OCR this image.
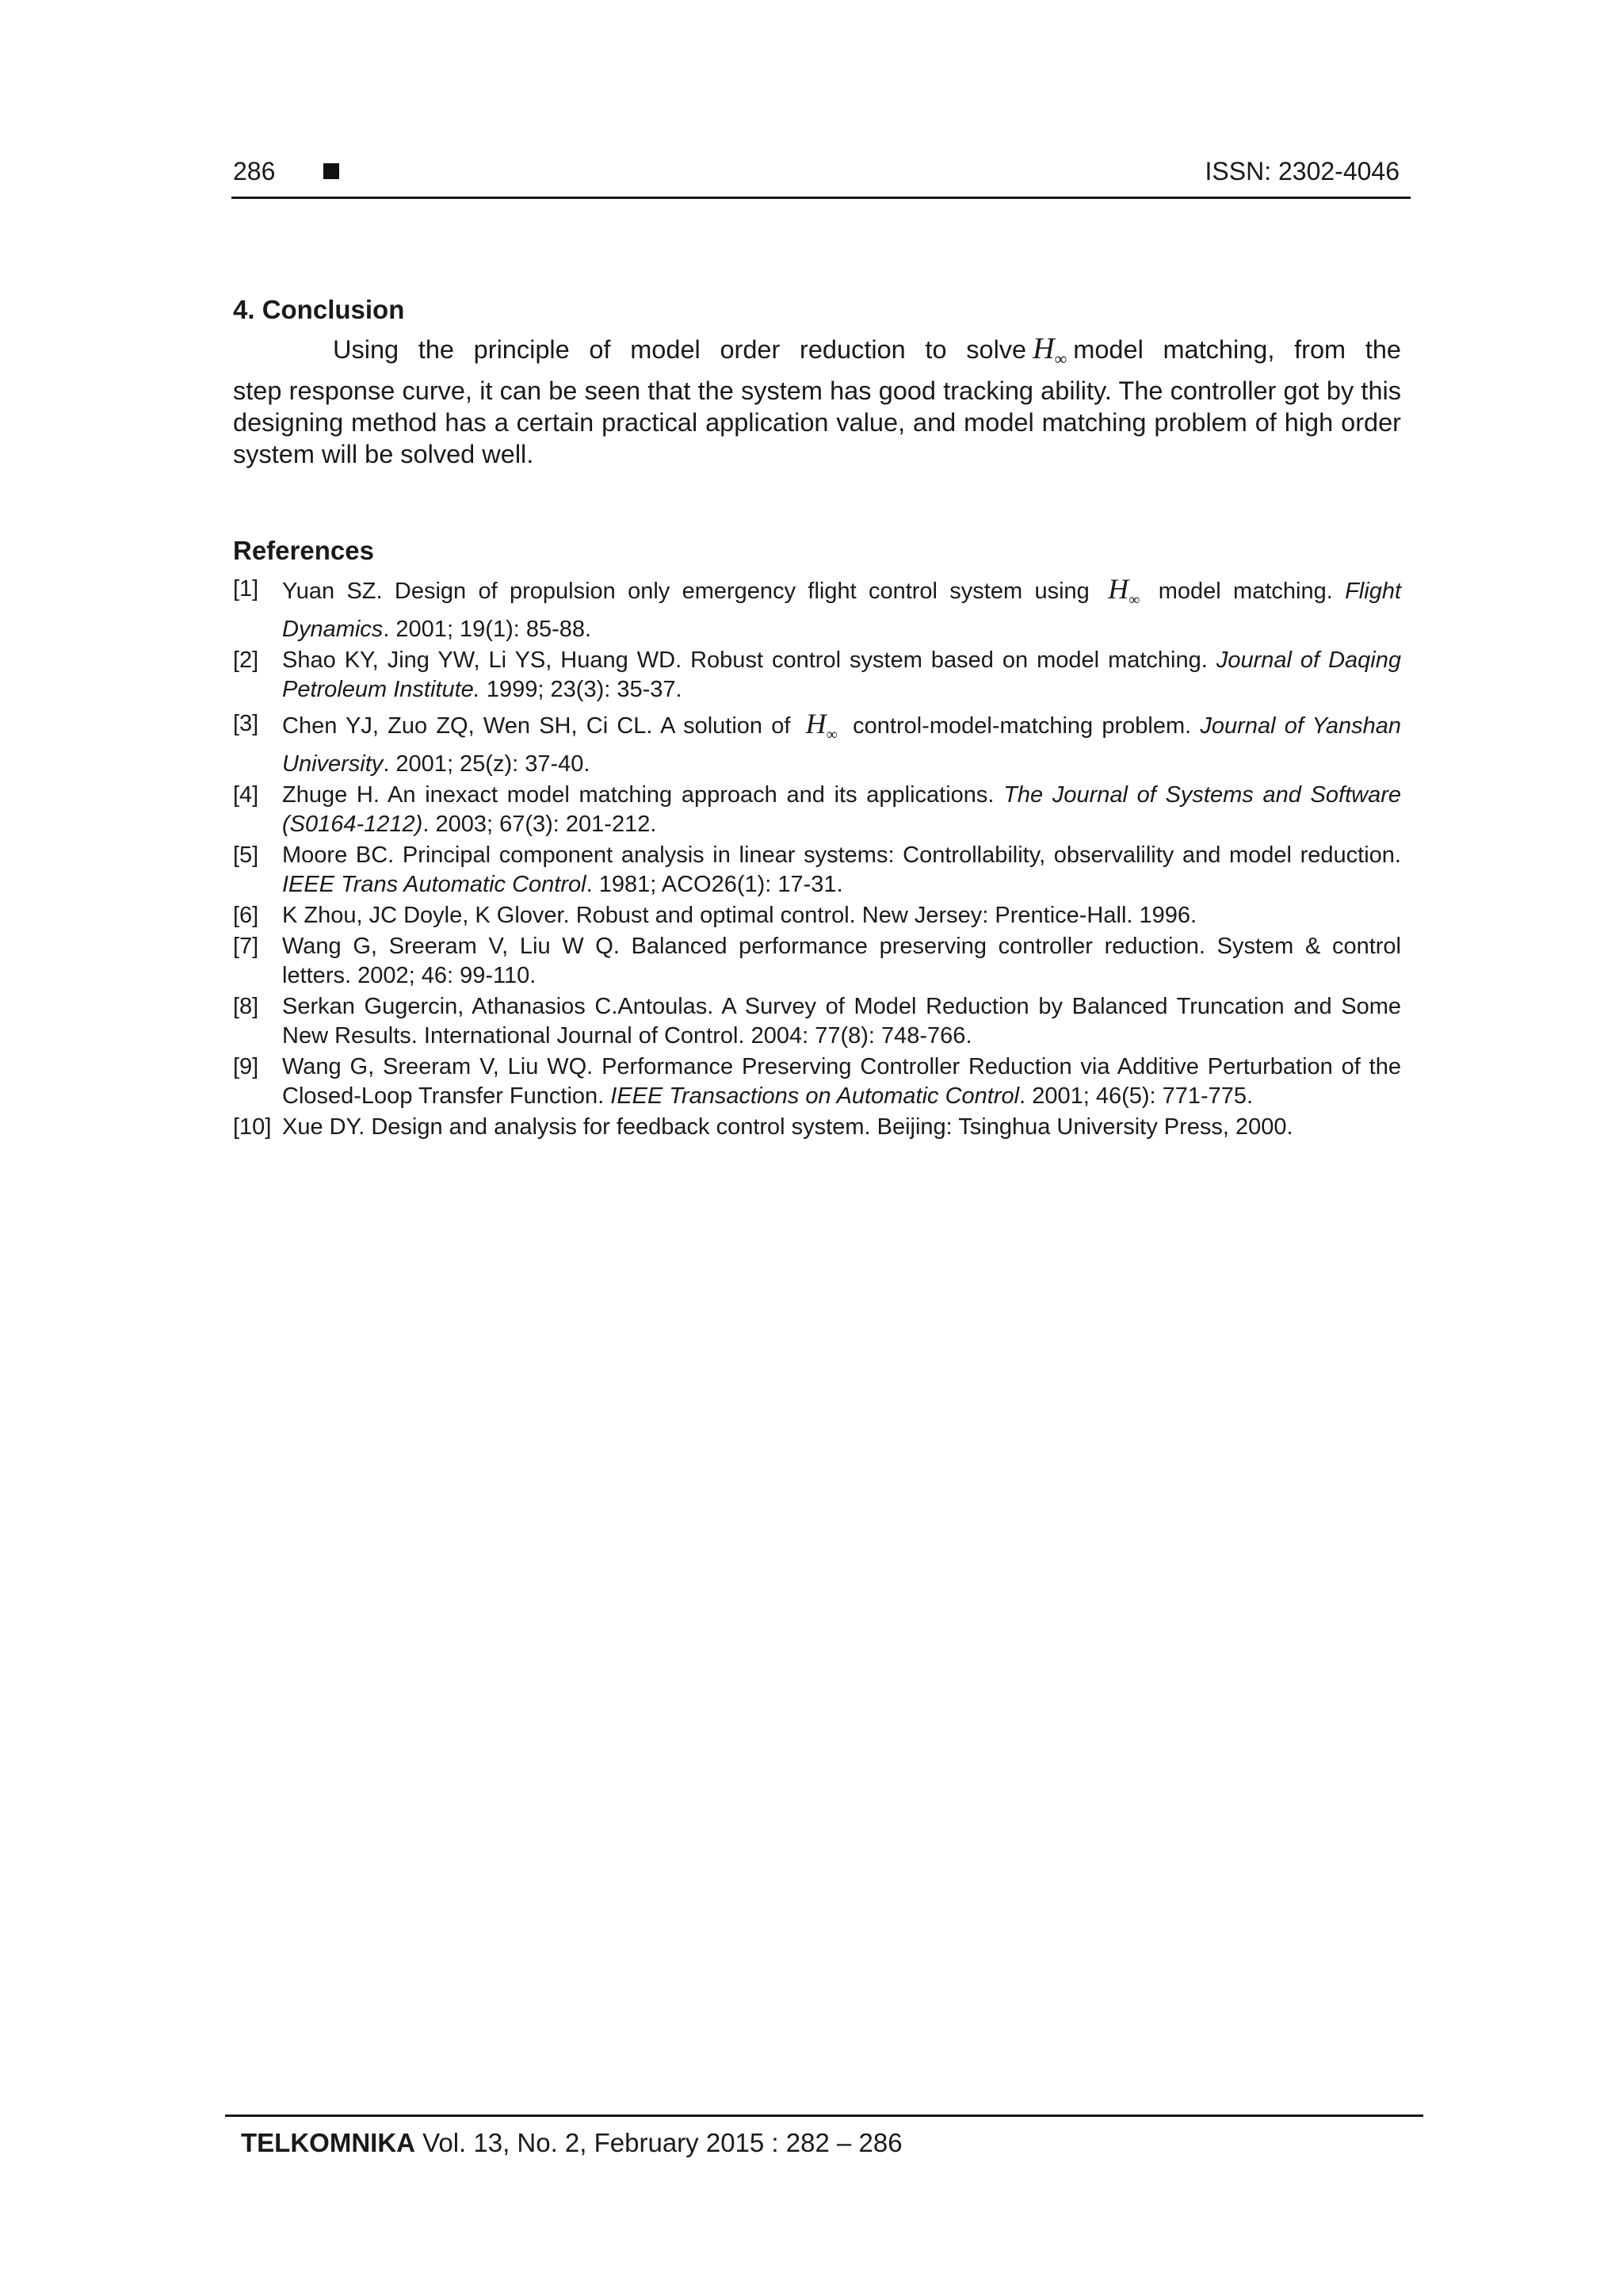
286	ISSN: 2302-4046
4. Conclusion
Using the principle of model order reduction to solve $H_\infty$ model matching, from the
step response curve, it can be seen that the system has good tracking ability. The controller got by this designing method has a certain practical application value, and model matching problem of high order system will be solved well.
References
[1] Yuan SZ. Design of propulsion only emergency flight control system using $H_\infty$ model matching. Flight Dynamics. 2001; 19(1): 85-88.
[2] Shao KY, Jing YW, Li YS, Huang WD. Robust control system based on model matching. Journal of Daqing Petroleum Institute. 1999; 23(3): 35-37.
[3] Chen YJ, Zuo ZQ, Wen SH, Ci CL. A solution of $H_\infty$ control-model-matching problem. Journal of Yanshan University. 2001; 25(z): 37-40.
[4] Zhuge H. An inexact model matching approach and its applications. The Journal of Systems and Software (S0164-1212). 2003; 67(3): 201-212.
[5] Moore BC. Principal component analysis in linear systems: Controllability, observalility and model reduction. IEEE Trans Automatic Control. 1981; ACO26(1): 17-31.
[6] K Zhou, JC Doyle, K Glover. Robust and optimal control. New Jersey: Prentice-Hall. 1996.
[7] Wang G, Sreeram V, Liu W Q. Balanced performance preserving controller reduction. System & control letters. 2002; 46: 99-110.
[8] Serkan Gugercin, Athanasios C.Antoulas. A Survey of Model Reduction by Balanced Truncation and Some New Results. International Journal of Control. 2004: 77(8): 748-766.
[9] Wang G, Sreeram V, Liu WQ. Performance Preserving Controller Reduction via Additive Perturbation of the Closed-Loop Transfer Function. IEEE Transactions on Automatic Control. 2001; 46(5): 771-775.
[10] Xue DY. Design and analysis for feedback control system. Beijing: Tsinghua University Press, 2000.
TELKOMNIKA Vol. 13, No. 2, February 2015 : 282 – 286
